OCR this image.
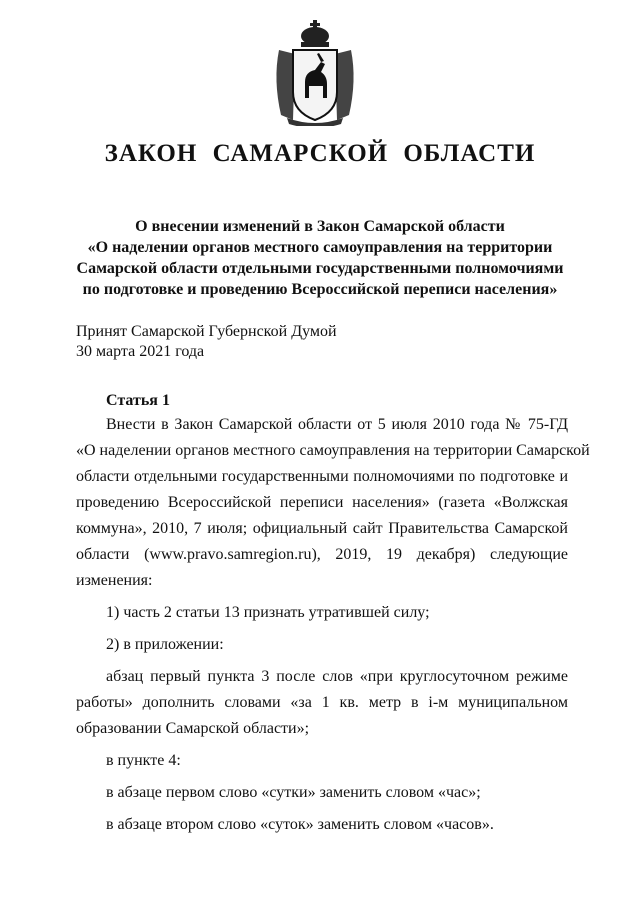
ЗАКОН САМАРСКОЙ ОБЛАСТИ
О внесении изменений в Закон Самарской области
«О наделении органов местного самоуправления на территории
Самарской области отдельными государственными полномочиями
по подготовке и проведению Всероссийской переписи населения»
Принят Самарской Губернской Думой
30 марта 2021 года
Статья 1
Внести в Закон Самарской области от 5 июля 2010 года № 75-ГД
«О наделении органов местного самоуправления на территории Самарской
области отдельными государственными полномочиями по подготовке и
проведению Всероссийской переписи населения» (газета «Волжская
коммуна», 2010, 7 июля; официальный сайт Правительства Самарской
области (www.pravo.samregion.ru), 2019, 19 декабря) следующие
изменения:
1) часть 2 статьи 13 признать утратившей силу;
2) в приложении:
абзац первый пункта 3 после слов «при круглосуточном режиме
работы» дополнить словами «за 1 кв. метр в i-м муниципальном
образовании Самарской области»;
в пункте 4:
в абзаце первом слово «сутки» заменить словом «час»;
в абзаце втором слово «суток» заменить словом «часов».
